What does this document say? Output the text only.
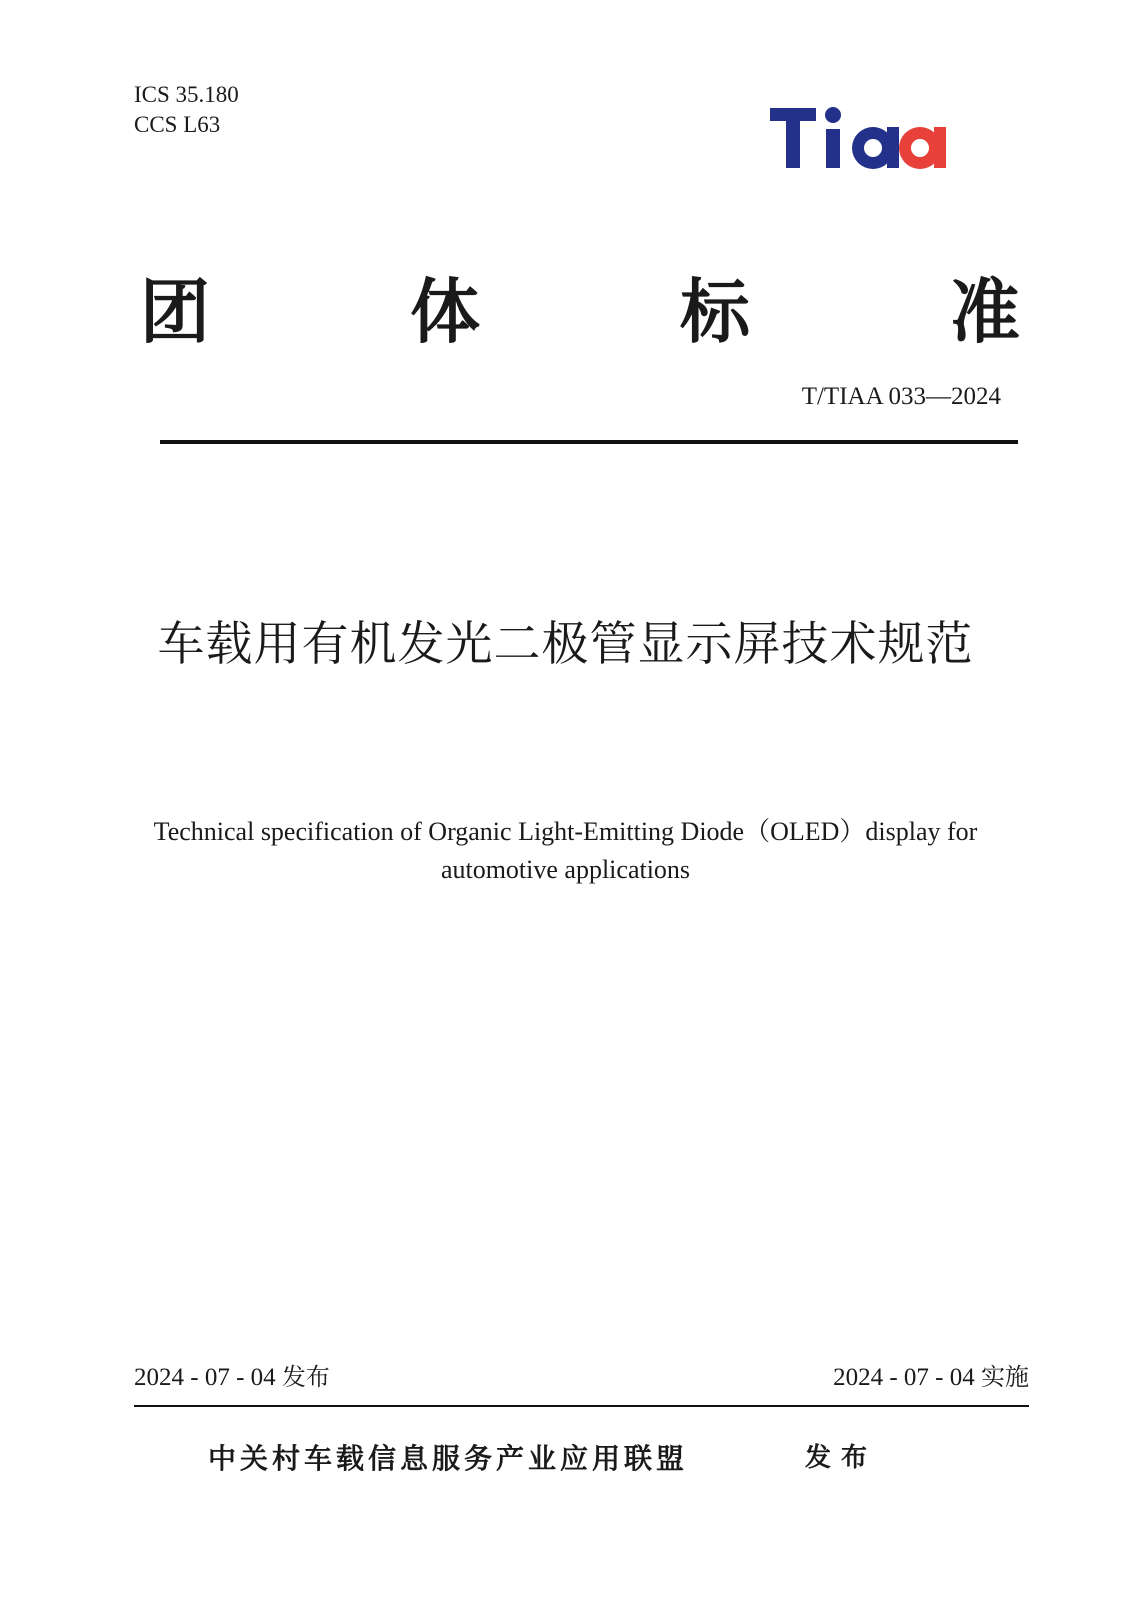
ICS 35.180
CCS L63
团	体	标	准
T/TIAA 033—2024
车载用有机发光二极管显示屏技术规范
Technical specification of Organic Light-Emitting Diode（OLED）display for
automotive applications
2024 - 07 - 04 发布	2024 - 07 - 04 实施
中关村车载信息服务产业应用联盟	发布
